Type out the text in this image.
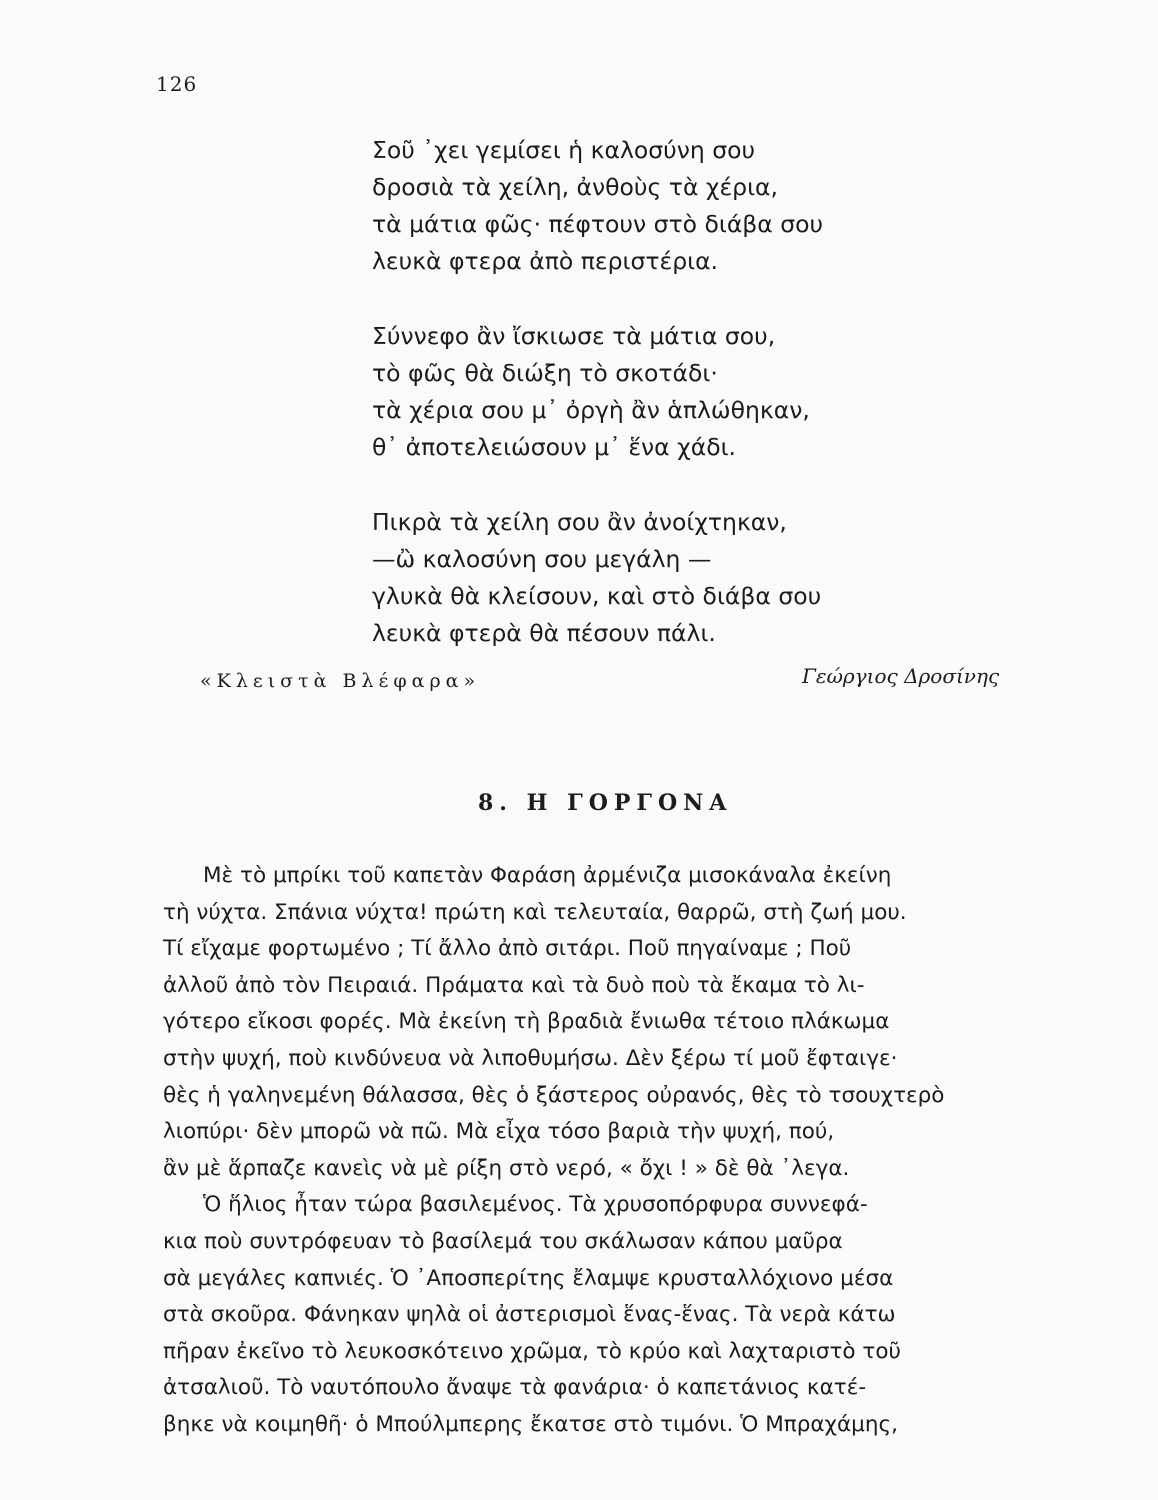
126
Σοῦ ᾿χει γεμίσει ἡ καλοσύνη σου
δροσιὰ τὰ χείλη, ἀνθοὺς τὰ χέρια,
τὰ μάτια φῶς· πέφτουν στὸ διάβα σου
λευκὰ φτερα ἀπὸ περιστέρια.
Σύννεφο ἂν ἴσκιωσε τὰ μάτια σου,
τὸ φῶς θὰ διώξη τὸ σκοτάδι·
τὰ χέρια σου μ᾿ ὀργὴ ἂν ἁπλώθηκαν,
θ᾿ ἀποτελειώσουν μ᾿ ἕνα χάδι.
Πικρὰ τὰ χείλη σου ἂν ἀνοίχτηκαν,
—ὢ καλοσύνη σου μεγάλη —
γλυκὰ θὰ κλείσουν, καὶ στὸ διάβα σου
λευκὰ φτερὰ θὰ πέσουν πάλι.
«Κλειστὰ Βλέφαρα»	Γεώργιος Δροσίνης
8. Η ΓΟΡΓΟΝΑ
Μὲ τὸ μπρίκι τοῦ καπετὰν Φαράση ἀρμένιζα μισοκάναλα ἐκείνη
τὴ νύχτα. Σπάνια νύχτα! πρώτη καὶ τελευταία, θαρρῶ, στὴ ζωή μου.
Τί εἴχαμε φορτωμένο ; Τί ἄλλο ἀπὸ σιτάρι. Ποῦ πηγαίναμε ; Ποῦ
ἀλλοῦ ἀπὸ τὸν Πειραιά. Πράματα καὶ τὰ δυὸ ποὺ τὰ ἔκαμα τὸ λι-
γότερο εἴκοσι φορές. Μὰ ἐκείνη τὴ βραδιὰ ἔνιωθα τέτοιο πλάκωμα
στὴν ψυχή, ποὺ κινδύνευα νὰ λιποθυμήσω. Δὲν ξέρω τί μοῦ ἔφταιγε·
θὲς ἡ γαληνεμένη θάλασσα, θὲς ὁ ξάστερος οὐρανός, θὲς τὸ τσουχτερὸ
λιοπύρι· δὲν μπορῶ νὰ πῶ. Μὰ εἶχα τόσο βαριὰ τὴν ψυχή, πού,
ἂν μὲ ἅρπαζε κανεὶς νὰ μὲ ρίξη στὸ νερό, « ὄχι ! » δὲ θὰ ᾿λεγα.
Ὁ ἥλιος ἦταν τώρα βασιλεμένος. Τὰ χρυσοπόρφυρα συννεφά-
κια ποὺ συντρόφευαν τὸ βασίλεμά του σκάλωσαν κάπου μαῦρα
σὰ μεγάλες καπνιές. Ὁ ᾿Αποσπερίτης ἔλαμψε κρυσταλλόχιονο μέσα
στὰ σκοῦρα. Φάνηκαν ψηλὰ οἱ ἀστερισμοὶ ἕνας-ἕνας. Τὰ νερὰ κάτω
πῆραν ἐκεῖνο τὸ λευκοσκότεινο χρῶμα, τὸ κρύο καὶ λαχταριστὸ τοῦ
ἀτσαλιοῦ. Τὸ ναυτόπουλο ἄναψε τὰ φανάρια· ὁ καπετάνιος κατέ-
βηκε νὰ κοιμηθῆ· ὁ Μπούλμπερης ἔκατσε στὸ τιμόνι. Ὁ Μπραχάμης,
